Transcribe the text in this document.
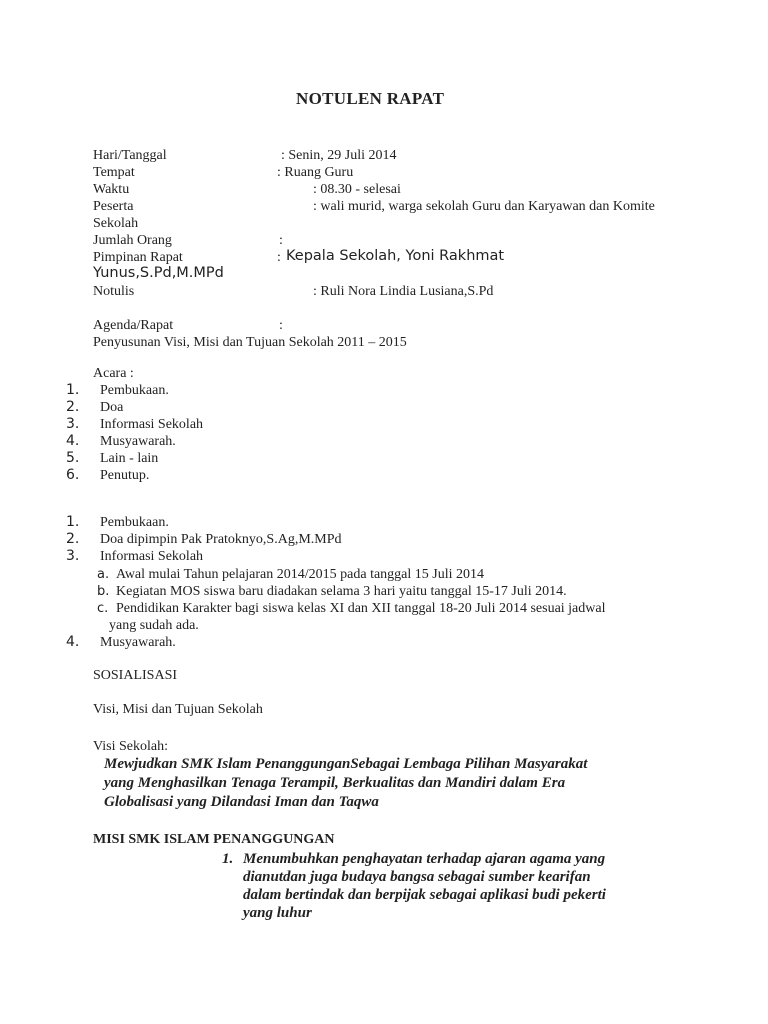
NOTULEN RAPAT
Hari/Tanggal	: Senin, 29 Juli 2014
Tempat	: Ruang Guru
Waktu	: 08.30 - selesai
Peserta	: wali murid, warga sekolah Guru dan Karyawan dan Komite
Sekolah
Jumlah Orang	:
Pimpinan Rapat	: Kepala Sekolah, Yoni Rakhmat
Yunus,S.Pd,M.MPd
Notulis	: Ruli Nora Lindia Lusiana,S.Pd
Agenda/Rapat	:
Penyusunan Visi, Misi dan Tujuan Sekolah 2011 – 2015
Acara :
1. Pembukaan.
2. Doa
3. Informasi Sekolah
4. Musyawarah.
5. Lain - lain
6. Penutup.
1. Pembukaan.
2. Doa dipimpin Pak Pratoknyo,S.Ag,M.MPd
3. Informasi Sekolah
a. Awal mulai Tahun pelajaran 2014/2015 pada tanggal 15 Juli 2014
b. Kegiatan MOS siswa baru diadakan selama 3 hari yaitu tanggal 15-17 Juli 2014.
c. Pendidikan Karakter bagi siswa kelas XI dan XII tanggal 18-20 Juli 2014 sesuai jadwal
yang sudah ada.
4. Musyawarah.
SOSIALISASI
Visi, Misi dan Tujuan Sekolah
Visi Sekolah:
Mewjudkan SMK Islam PenanggunganSebagai Lembaga Pilihan Masyarakat
yang Menghasilkan Tenaga Terampil, Berkualitas dan Mandiri dalam Era
Globalisasi yang Dilandasi Iman dan Taqwa
MISI SMK ISLAM PENANGGUNGAN
1. Menumbuhkan penghayatan terhadap ajaran agama yang
dianutdan juga budaya bangsa sebagai sumber kearifan
dalam bertindak dan berpijak sebagai aplikasi budi pekerti
yang luhur
